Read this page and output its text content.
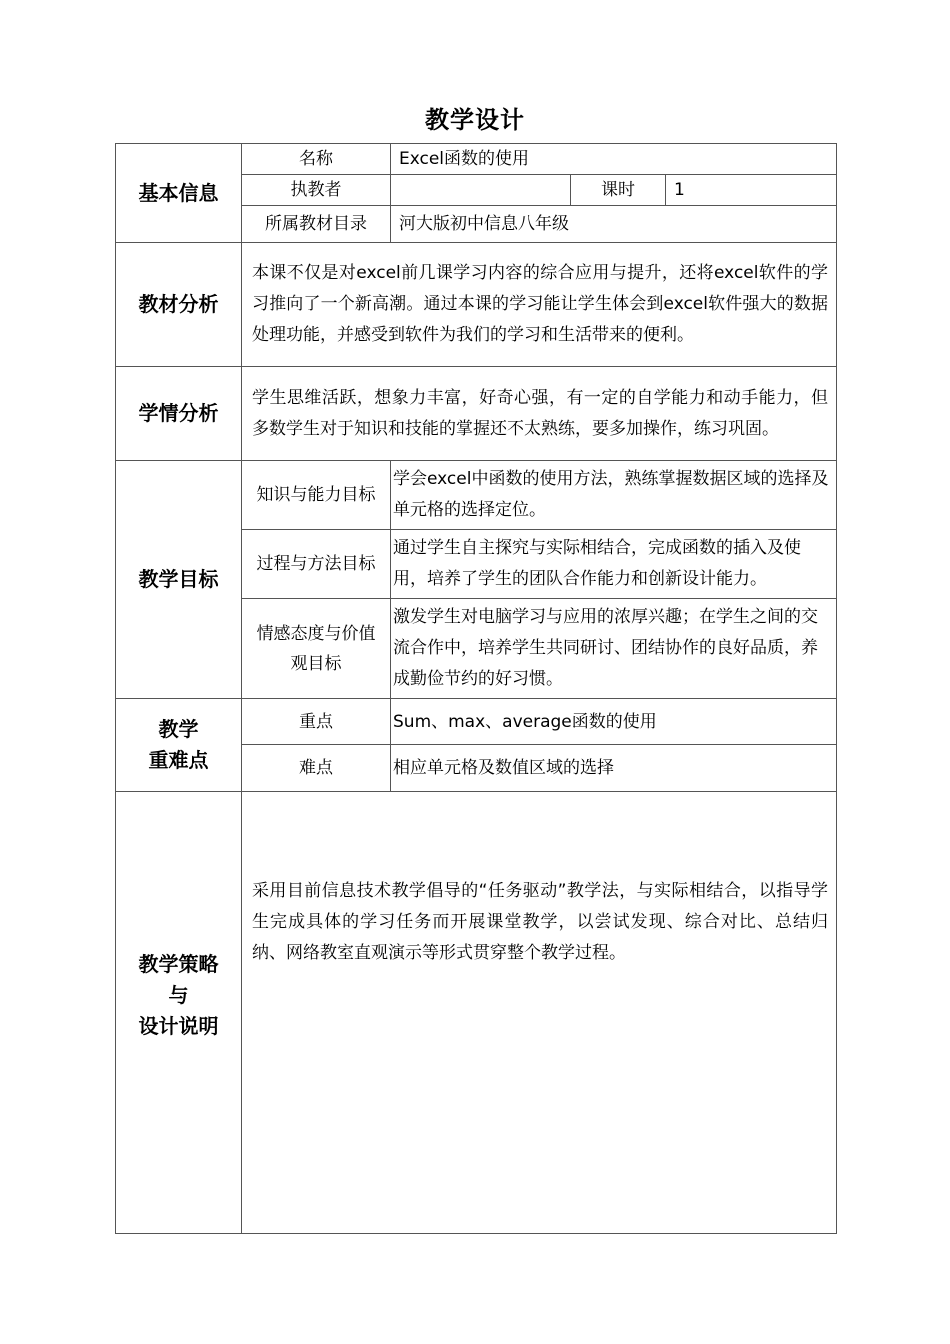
教学设计
基本信息	名称	Excel函数的使用		
	执教者		课时	1
	所属教材目录	河大版初中信息八年级		
教材分析	本课不仅是对excel前几课学习内容的综合应用与提升，还将excel软件的学习推向了一个新高潮。通过本课的学习能让学生体会到excel软件强大的数据处理功能，并感受到软件为我们的学习和生活带来的便利。			
学情分析	学生思维活跃，想象力丰富，好奇心强，有一定的自学能力和动手能力，但多数学生对于知识和技能的掌握还不太熟练，要多加操作，练习巩固。			
教学目标	知识与能力目标	学会excel中函数的使用方法，熟练掌握数据区域的选择及单元格的选择定位。		
	过程与方法目标	通过学生自主探究与实际相结合，完成函数的插入及使用，培养了学生的团队合作能力和创新设计能力。		
	情感态度与价值观目标	激发学生对电脑学习与应用的浓厚兴趣；在学生之间的交流合作中，培养学生共同研讨、团结协作的良好品质，养成勤俭节约的好习惯。		

教学
重难点	重点	Sum、max、average函数的使用		
	难点	相应单元格及数值区域的选择		

教学策略
与
设计说明	采用目前信息技术教学倡导的“任务驱动”教学法，与实际相结合，以指导学生完成具体的学习任务而开展课堂教学，以尝试发现、综合对比、总结归纳、网络教室直观演示等形式贯穿整个教学过程。			
